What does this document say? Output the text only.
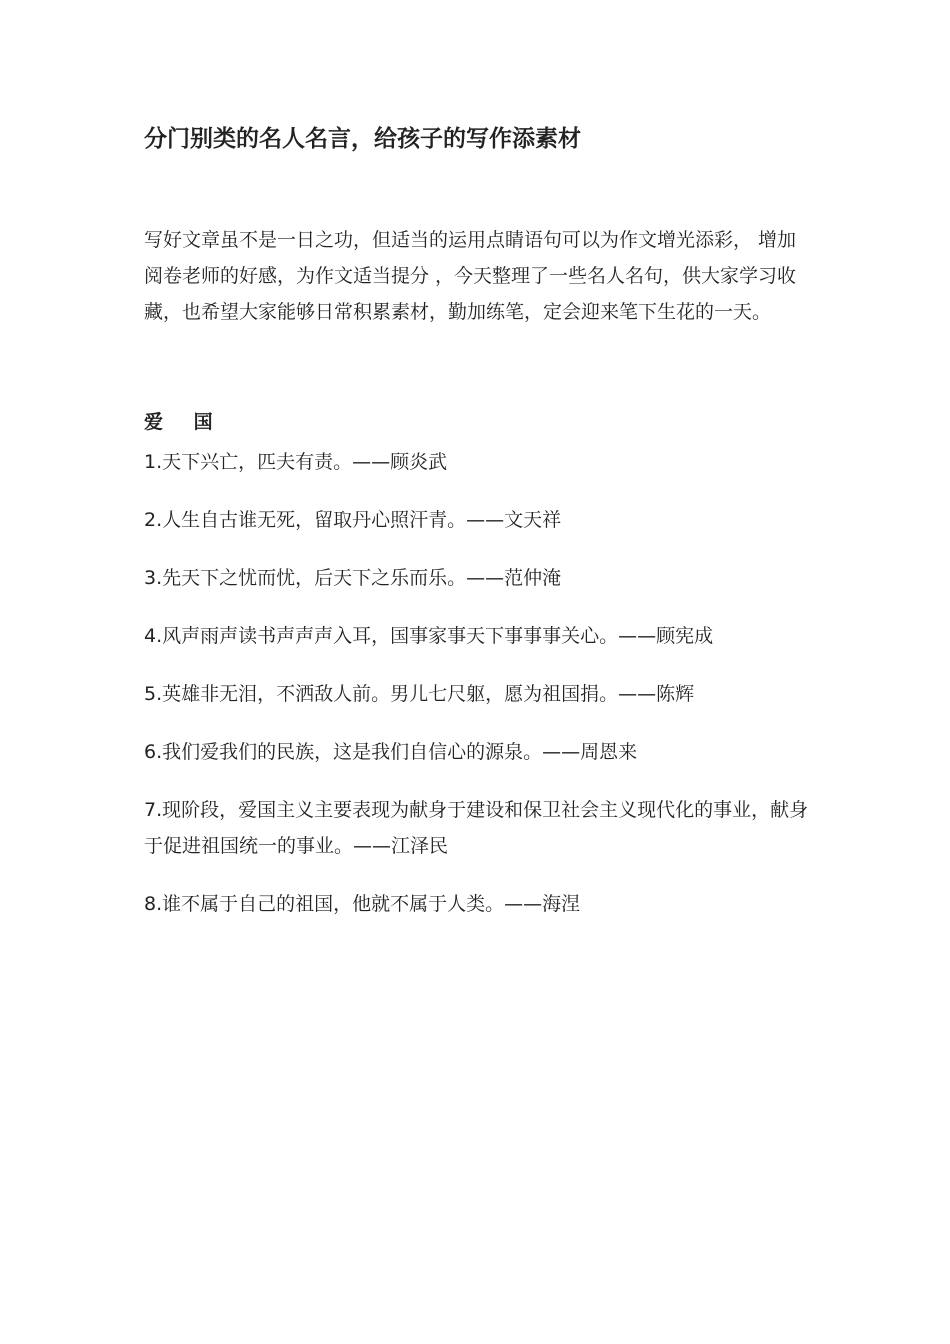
分门别类的名人名言，给孩子的写作添素材

写好文章虽不是一日之功，但适当的运用点睛语句可以为作文增光添彩， 增加阅卷老师的好感，为作文适当提分 ，今天整理了一些名人名句，供大家学习收藏，也希望大家能够日常积累素材，勤加练笔，定会迎来笔下生花的一天。

爱 国
1.天下兴亡，匹夫有责。——顾炎武
2.人生自古谁无死，留取丹心照汗青。——文天祥
3.先天下之忧而忧，后天下之乐而乐。——范仲淹
4.风声雨声读书声声声入耳，国事家事天下事事事关心。——顾宪成
5.英雄非无泪，不洒敌人前。男儿七尺躯，愿为祖国捐。——陈辉
6.我们爱我们的民族，这是我们自信心的源泉。——周恩来
7.现阶段，爱国主义主要表现为献身于建设和保卫社会主义现代化的事业，献身于促进祖国统一的事业。——江泽民
8.谁不属于自己的祖国，他就不属于人类。——海涅
